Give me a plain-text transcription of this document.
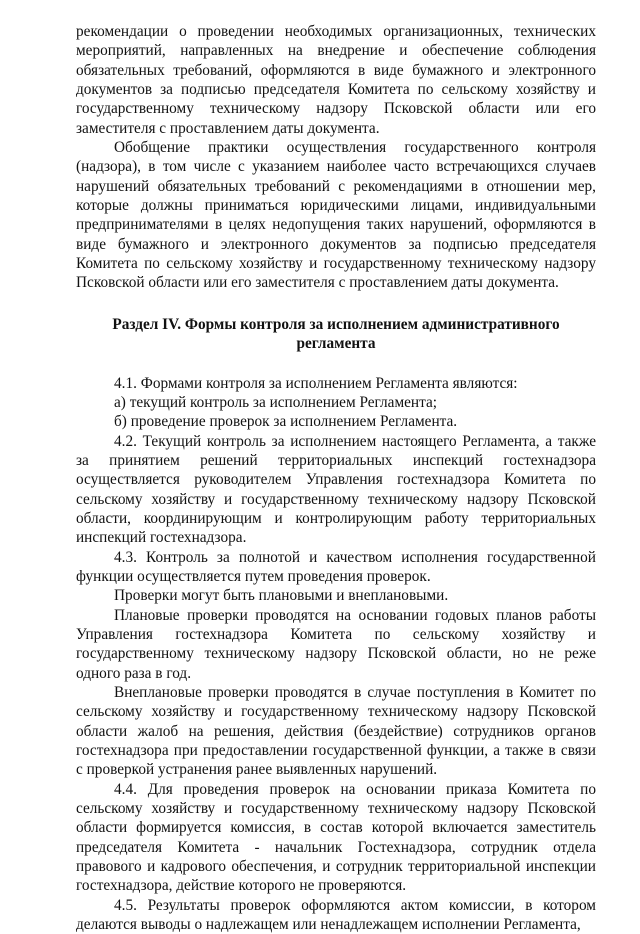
рекомендации о проведении необходимых организационных, технических мероприятий, направленных на внедрение и обеспечение соблюдения обязательных требований, оформляются в виде бумажного и электронного документов за подписью председателя Комитета по сельскому хозяйству и государственному техническому надзору Псковской области или его заместителя с проставлением даты документа.

Обобщение практики осуществления государственного контроля (надзора), в том числе с указанием наиболее часто встречающихся случаев нарушений обязательных требований с рекомендациями в отношении мер, которые должны приниматься юридическими лицами, индивидуальными предпринимателями в целях недопущения таких нарушений, оформляются в виде бумажного и электронного документов за подписью председателя Комитета по сельскому хозяйству и государственному техническому надзору Псковской области или его заместителя с проставлением даты документа.

Раздел IV. Формы контроля за исполнением административного регламента

4.1. Формами контроля за исполнением Регламента являются:

а) текущий контроль за исполнением Регламента;

б) проведение проверок за исполнением Регламента.

4.2. Текущий контроль за исполнением настоящего Регламента, а также за принятием решений территориальных инспекций гостехнадзора осуществляется руководителем Управления гостехнадзора Комитета по сельскому хозяйству и государственному техническому надзору Псковской области, координирующим и контролирующим работу территориальных инспекций гостехнадзора.

4.3. Контроль за полнотой и качеством исполнения государственной функции осуществляется путем проведения проверок.

Проверки могут быть плановыми и внеплановыми.

Плановые проверки проводятся на основании годовых планов работы Управления гостехнадзора Комитета по сельскому хозяйству и государственному техническому надзору Псковской области, но не реже одного раза в год.

Внеплановые проверки проводятся в случае поступления в Комитет по сельскому хозяйству и государственному техническому надзору Псковской области жалоб на решения, действия (бездействие) сотрудников органов гостехнадзора при предоставлении государственной функции, а также в связи с проверкой устранения ранее выявленных нарушений.

4.4. Для проведения проверок на основании приказа Комитета по сельскому хозяйству и государственному техническому надзору Псковской области формируется комиссия, в состав которой включается заместитель председателя Комитета - начальник Гостехнадзора, сотрудник отдела правового и кадрового обеспечения, и сотрудник территориальной инспекции гостехнадзора, действие которого не проверяются.

4.5. Результаты проверок оформляются актом комиссии, в котором делаются выводы о надлежащем или ненадлежащем исполнении Регламента,
